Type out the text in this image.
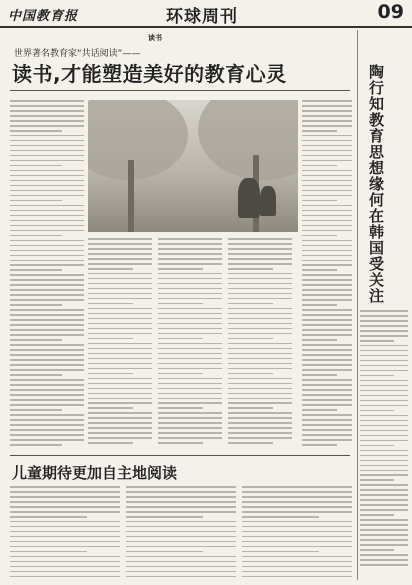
中国教育报	环球周刊	09
读书
世界著名教育家“共话阅读”——
读书,才能塑造美好的教育心灵
儿童期待更加自主地阅读
陶行知教育思想缘何在韩国受关注
